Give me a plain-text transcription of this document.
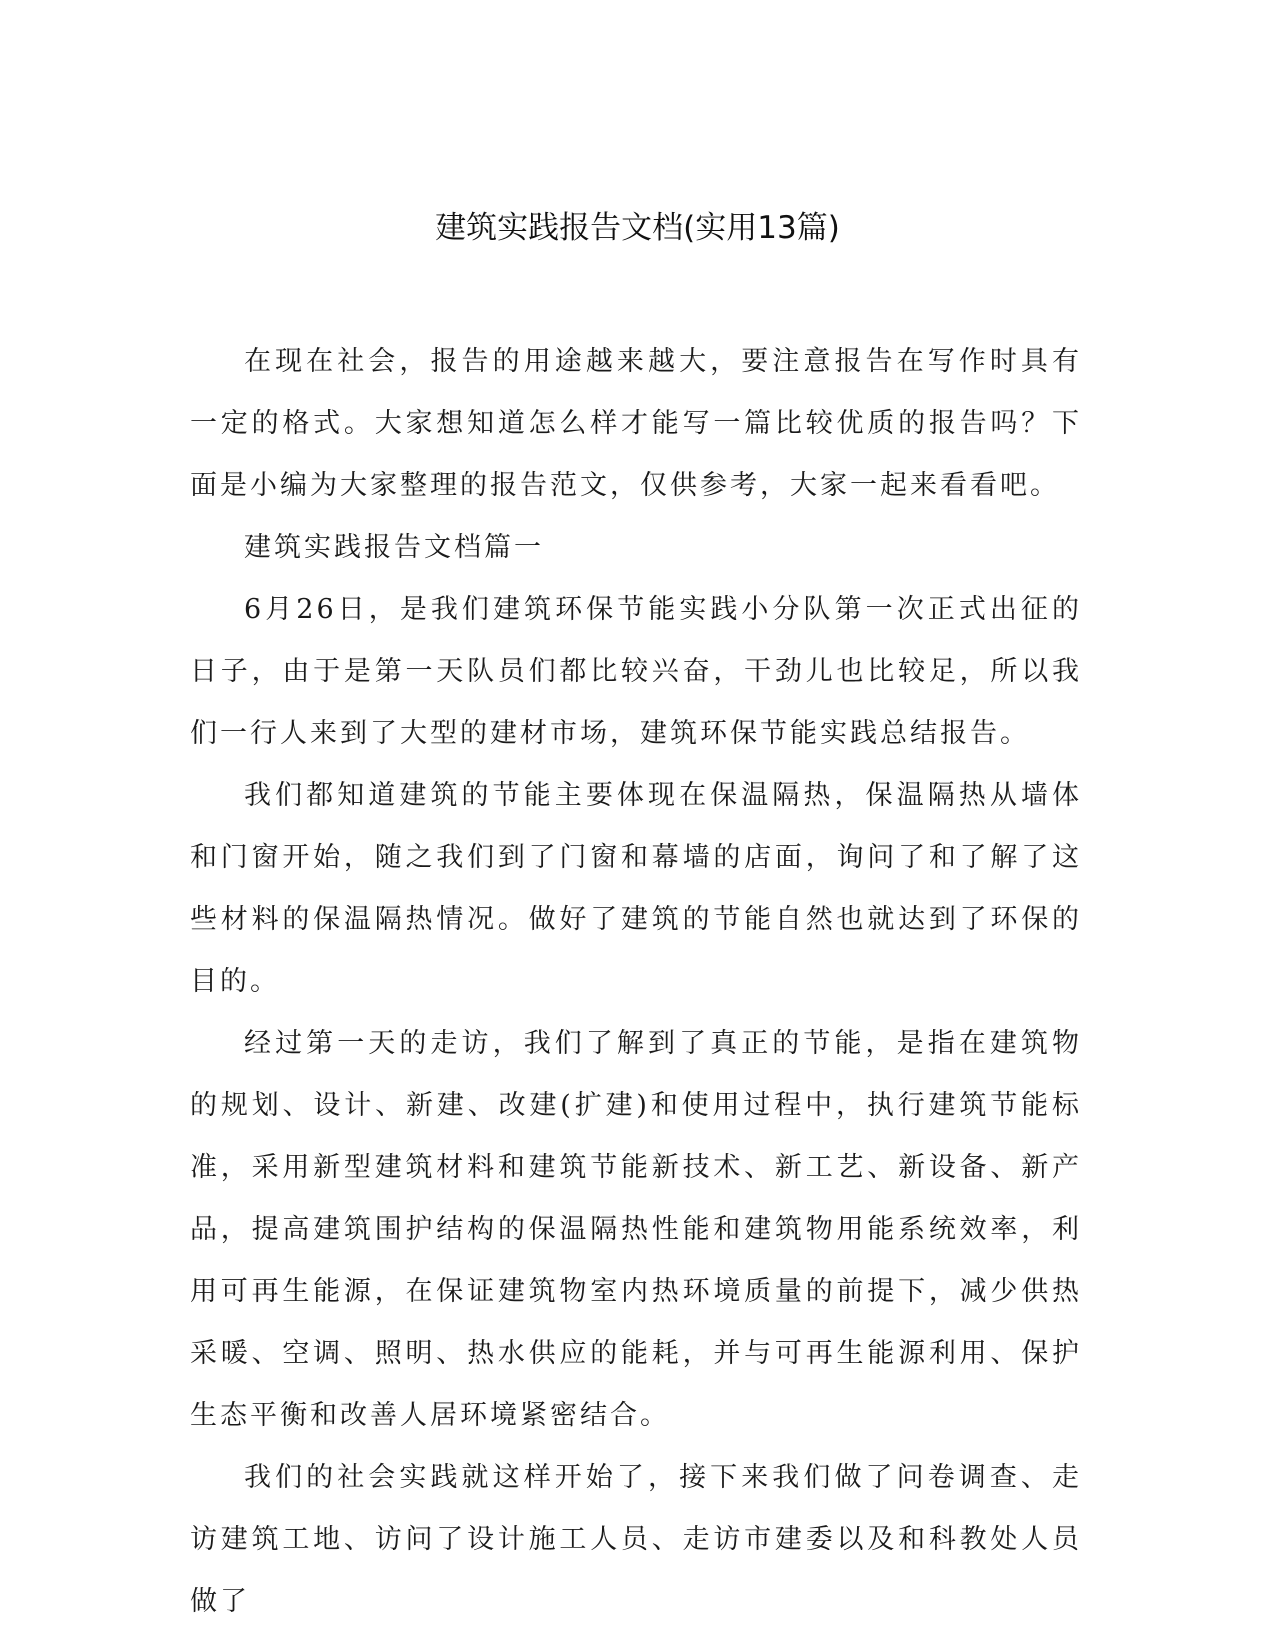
建筑实践报告文档(实用13篇)

在现在社会，报告的用途越来越大，要注意报告在写作时具有一定的格式。大家想知道怎么样才能写一篇比较优质的报告吗？下面是小编为大家整理的报告范文，仅供参考，大家一起来看看吧。

建筑实践报告文档篇一

6月26日，是我们建筑环保节能实践小分队第一次正式出征的日子，由于是第一天队员们都比较兴奋，干劲儿也比较足，所以我们一行人来到了大型的建材市场，建筑环保节能实践总结报告。

我们都知道建筑的节能主要体现在保温隔热，保温隔热从墙体和门窗开始，随之我们到了门窗和幕墙的店面，询问了和了解了这些材料的保温隔热情况。做好了建筑的节能自然也就达到了环保的目的。

经过第一天的走访，我们了解到了真正的节能，是指在建筑物的规划、设计、新建、改建(扩建)和使用过程中，执行建筑节能标准，采用新型建筑材料和建筑节能新技术、新工艺、新设备、新产品，提高建筑围护结构的保温隔热性能和建筑物用能系统效率，利用可再生能源，在保证建筑物室内热环境质量的前提下，减少供热采暖、空调、照明、热水供应的能耗，并与可再生能源利用、保护生态平衡和改善人居环境紧密结合。

我们的社会实践就这样开始了，接下来我们做了问卷调查、走访建筑工地、访问了设计施工人员、走访市建委以及和科教处人员做了
